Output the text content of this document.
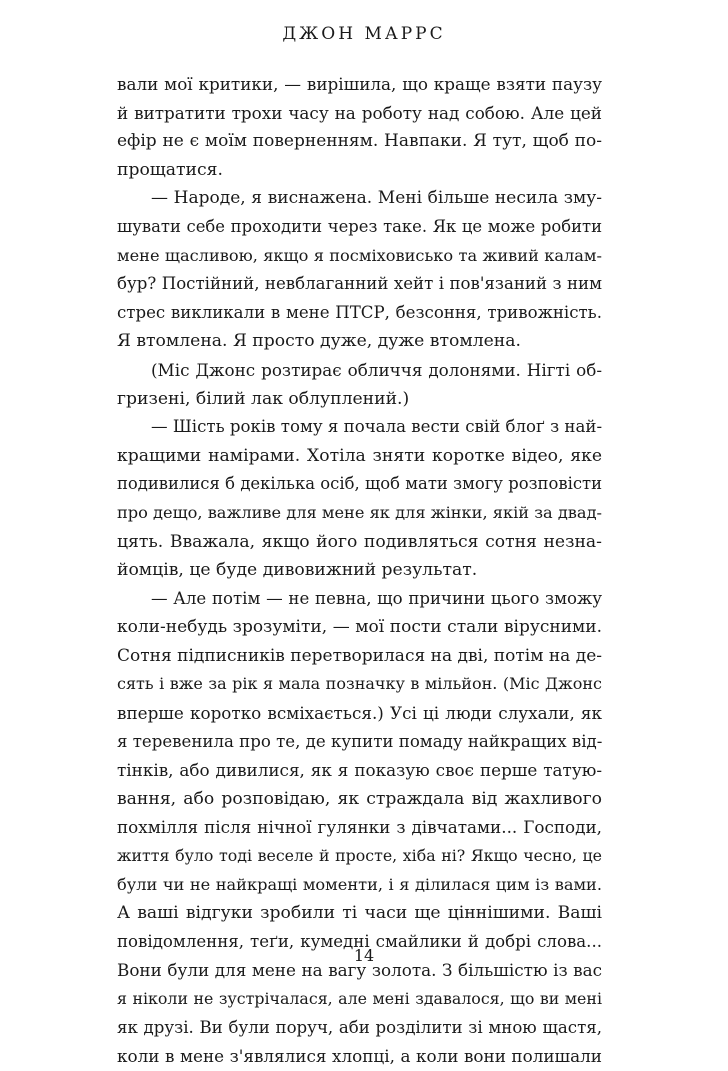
ДЖОН МАРРС
вали мої критики, — вирішила, що краще взяти паузу
й витратити трохи часу на роботу над собою. Але цей
ефір не є моїм поверненням. Навпаки. Я тут, щоб по-
прощатися.
— Народе, я виснажена. Мені більше несила зму-
шувати себе проходити через таке. Як це може робити
мене щасливою, якщо я посміховисько та живий калам-
бур? Постійний, невблаганний хейт і пов'язаний з ним
стрес викликали в мене ПТСР, безсоння, тривожність.
Я втомлена. Я просто дуже, дуже втомлена.
(Міс Джонс розтирає обличчя долонями. Нігті об-
гризені, білий лак облуплений.)
— Шість років тому я почала вести свій блоґ з най-
кращими намірами. Хотіла зняти коротке відео, яке
подивилися б декілька осіб, щоб мати змогу розповісти
про дещо, важливе для мене як для жінки, якій за двад-
цять. Вважала, якщо його подивляться сотня незна-
йомців, це буде дивовижний результат.
— Але потім — не певна, що причини цього зможу
коли-небудь зрозуміти, — мої пости стали вірусними.
Сотня підписників перетворилася на дві, потім на де-
сять і вже за рік я мала позначку в мільйон. (Міс Джонс
вперше коротко всміхається.) Усі ці люди слухали, як
я теревенила про те, де купити помаду найкращих від-
тінків, або дивилися, як я показую своє перше татую-
вання, або розповідаю, як страждала від жахливого
похмілля після нічної гулянки з дівчатами... Господи,
життя було тоді веселе й просте, хіба ні? Якщо чесно, це
були чи не найкращі моменти, і я ділилася цим із вами.
А ваші відгуки зробили ті часи ще ціннішими. Ваші
повідомлення, теґи, кумедні смайлики й добрі слова...
Вони були для мене на вагу золота. З більшістю із вас
я ніколи не зустрічалася, але мені здавалося, що ви мені
як друзі. Ви були поруч, аби розділити зі мною щастя,
коли в мене з'являлися хлопці, а коли вони полишали
14
